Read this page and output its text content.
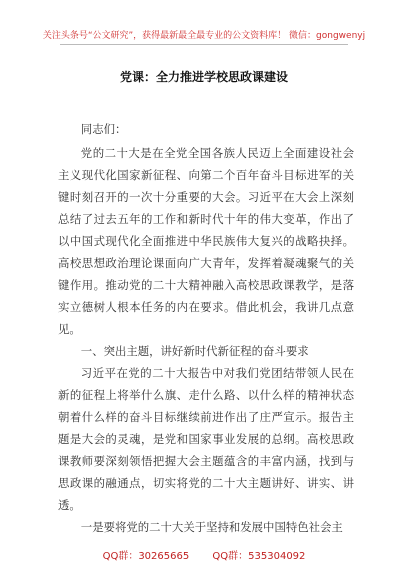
关注头条号“公文研究”，获得最新最全最专业的公文资料库！ 微信：gongwenyj
党课：全力推进学校思政课建设

同志们：

党的二十大是在全党全国各族人民迈上全面建设社会主义现代化国家新征程、向第二个百年奋斗目标进军的关键时刻召开的一次十分重要的大会。习近平在大会上深刻总结了过去五年的工作和新时代十年的伟大变革，作出了以中国式现代化全面推进中华民族伟大复兴的战略抉择。高校思想政治理论课面向广大青年，发挥着凝魂聚气的关键作用。推动党的二十大精神融入高校思政课教学，是落实立德树人根本任务的内在要求。借此机会，我讲几点意见。

一、突出主题，讲好新时代新征程的奋斗要求

习近平在党的二十大报告中对我们党团结带领人民在新的征程上将举什么旗、走什么路、以什么样的精神状态朝着什么样的奋斗目标继续前进作出了庄严宣示。报告主题是大会的灵魂，是党和国家事业发展的总纲。高校思政课教师要深刻领悟把握大会主题蕴含的丰富内涵，找到与思政课的融通点，切实将党的二十大主题讲好、讲实、讲透。

一是要将党的二十大关于坚持和发展中国特色社会主

QQ群：30265665 QQ群：535304092
